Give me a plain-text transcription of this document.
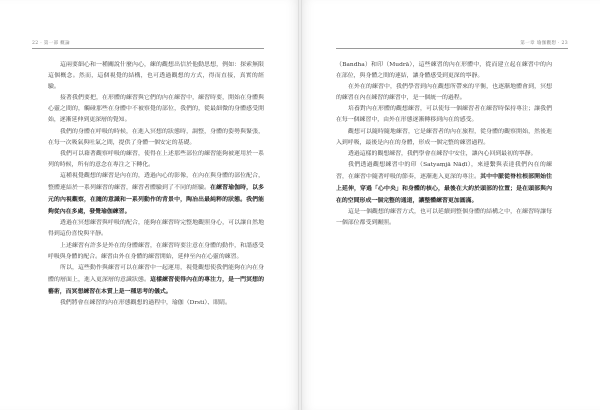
22 · 第一部 概論

這兩要細心和一種關說什麼內心，練的觀想出信於他動思想，例如：探索無限這個概念。然而，這個視覺的結構，也可透過觀想的方式，得而直接，真實的經驗。

接著我們要把，在形體的練習與它們的內在練習中，練習時要，開始在身體與心靈之間的，觸碰那些在身體中不被察覺的部位，我們的，從最細微的身體感受開始，逐漸延伸到更深層的覺知。

我們的身體在呼吸的時候，在進入冥想的狀態時，調整，身體的姿勢與緊張，在每一次吸氣與吐氣之間，提供了身體一個安定的基礎。

我們可以藉著觀察呼吸的練習，使得在上述那些部位的練習能夠被運用於一系列的時候，所有的意念在專注之下轉化。

這種視覺觀想的練習是內在的，透過內心的影像，在內在與身體的部位配合，整體連結於一系列練習的練習，練習者體驗到了不同的經驗。在練習瑜伽時，以多元的內視觀察，在隨的意識和一系列動作的背景中，陶冶出最純粹的狀態。我們能夠從內在多處，發覺瑜伽練習。

透過在冥想練習與呼吸的配合，能夠在練習時完整地觀照身心，可以讓自然地得到這份喜悅與平靜。

上述練習有許多是外在的身體練習，在練習時要注意在身體的動作，和諧感受呼吸與身體的配合。練習由外在身體的練習開始，延伸至內在心靈的練習。

所以，這些動作與練習可以在練習中一起運用，視覺觀想使我們能夠在內在身體的層面上，進入更深層的意識狀態。這樣練習使得內在的專注力，是一門冥想的藝術，而冥想練習在本質上是一種思考的儀式。

我們將會在練習的內在形態觀想的過程中，瑜伽（Drsti）、眼睛。

第一章 瑜伽觀想 · 23

（Bandha）和印（Mudrā），這些練習的內在形體中，從而建立起在練習中的內在部位，與身體之間的連結，讓身體感受到更深的寧靜。

在外在的練習中，我們學習到內在觀想所帶來的平衡，也逐漸地體會到，冥想的練習在內在練習的練習中，是一個統一的過程。

培養對內在形體的觀想練習，可以使每一個練習者在練習時保持專注；讓我們在每一個練習中，由外在形態逐漸轉移到內在的感受。

觀想可以隨時隨地練習，它是練習者的內在旅程，從身體的觀察開始，然後進入到呼吸，最後是內在的身體，形成一個完整的練習過程。

透過這樣的觀想練習，我們學會在練習中安住，讓內心回到最初的寧靜。

我們透過觀想練習中的印（Satyaṃjā Nāḍī），來連繫與表達我們內在的練習，在練習中隨著呼吸的節奏，逐漸進入更深的專注。其中中脈從脊柱根部開始往上延伸，穿過「心中央」和身體的核心，最後在大約於頭部的位置；是在頭部與內在的空間形成一個完整的通道，讓整體練習更加圓滿。

這是一個觀想的練習方式，也可以延續到整個身體的結構之中，在練習時讓每一個部位都受到關照。
